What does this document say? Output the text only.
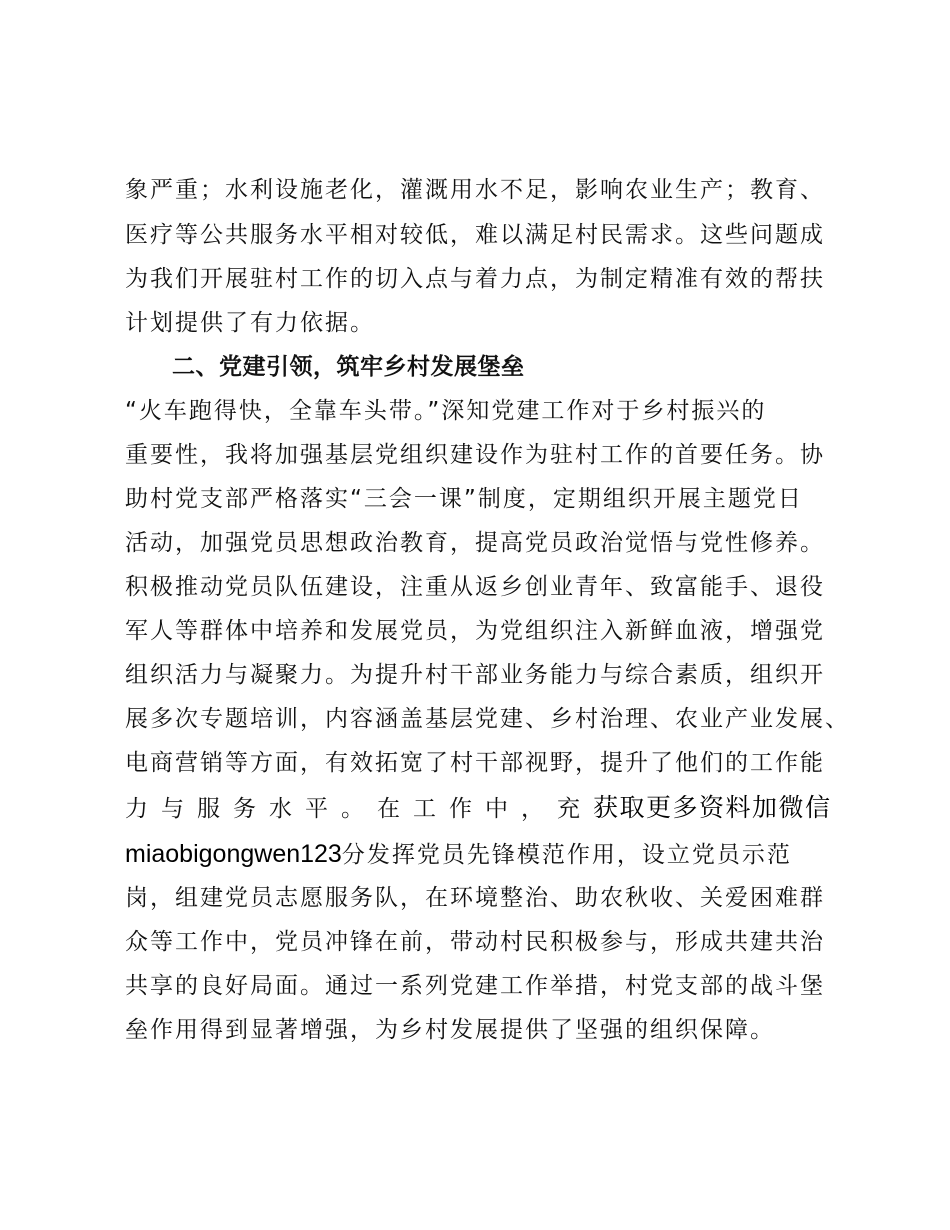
象严重；水利设施老化，灌溉用水不足，影响农业生产；教育、
医疗等公共服务水平相对较低，难以满足村民需求。这些问题成
为我们开展驻村工作的切入点与着力点，为制定精准有效的帮扶
计划提供了有力依据。
二、党建引领，筑牢乡村发展堡垒
“火车跑得快，全靠车头带。”深知党建工作对于乡村振兴的
重要性，我将加强基层党组织建设作为驻村工作的首要任务。协
助村党支部严格落实“三会一课”制度，定期组织开展主题党日
活动，加强党员思想政治教育，提高党员政治觉悟与党性修养。
积极推动党员队伍建设，注重从返乡创业青年、致富能手、退役
军人等群体中培养和发展党员，为党组织注入新鲜血液，增强党
组织活力与凝聚力。为提升村干部业务能力与综合素质，组织开
展多次专题培训，内容涵盖基层党建、乡村治理、农业产业发展、
电商营销等方面，有效拓宽了村干部视野，提升了他们的工作能
力与服务水平。在工作中，充获取更多资料加微信
miaobigongwen123分发挥党员先锋模范作用，设立党员示范
岗，组建党员志愿服务队，在环境整治、助农秋收、关爱困难群
众等工作中，党员冲锋在前，带动村民积极参与，形成共建共治
共享的良好局面。通过一系列党建工作举措，村党支部的战斗堡
垒作用得到显著增强，为乡村发展提供了坚强的组织保障。
